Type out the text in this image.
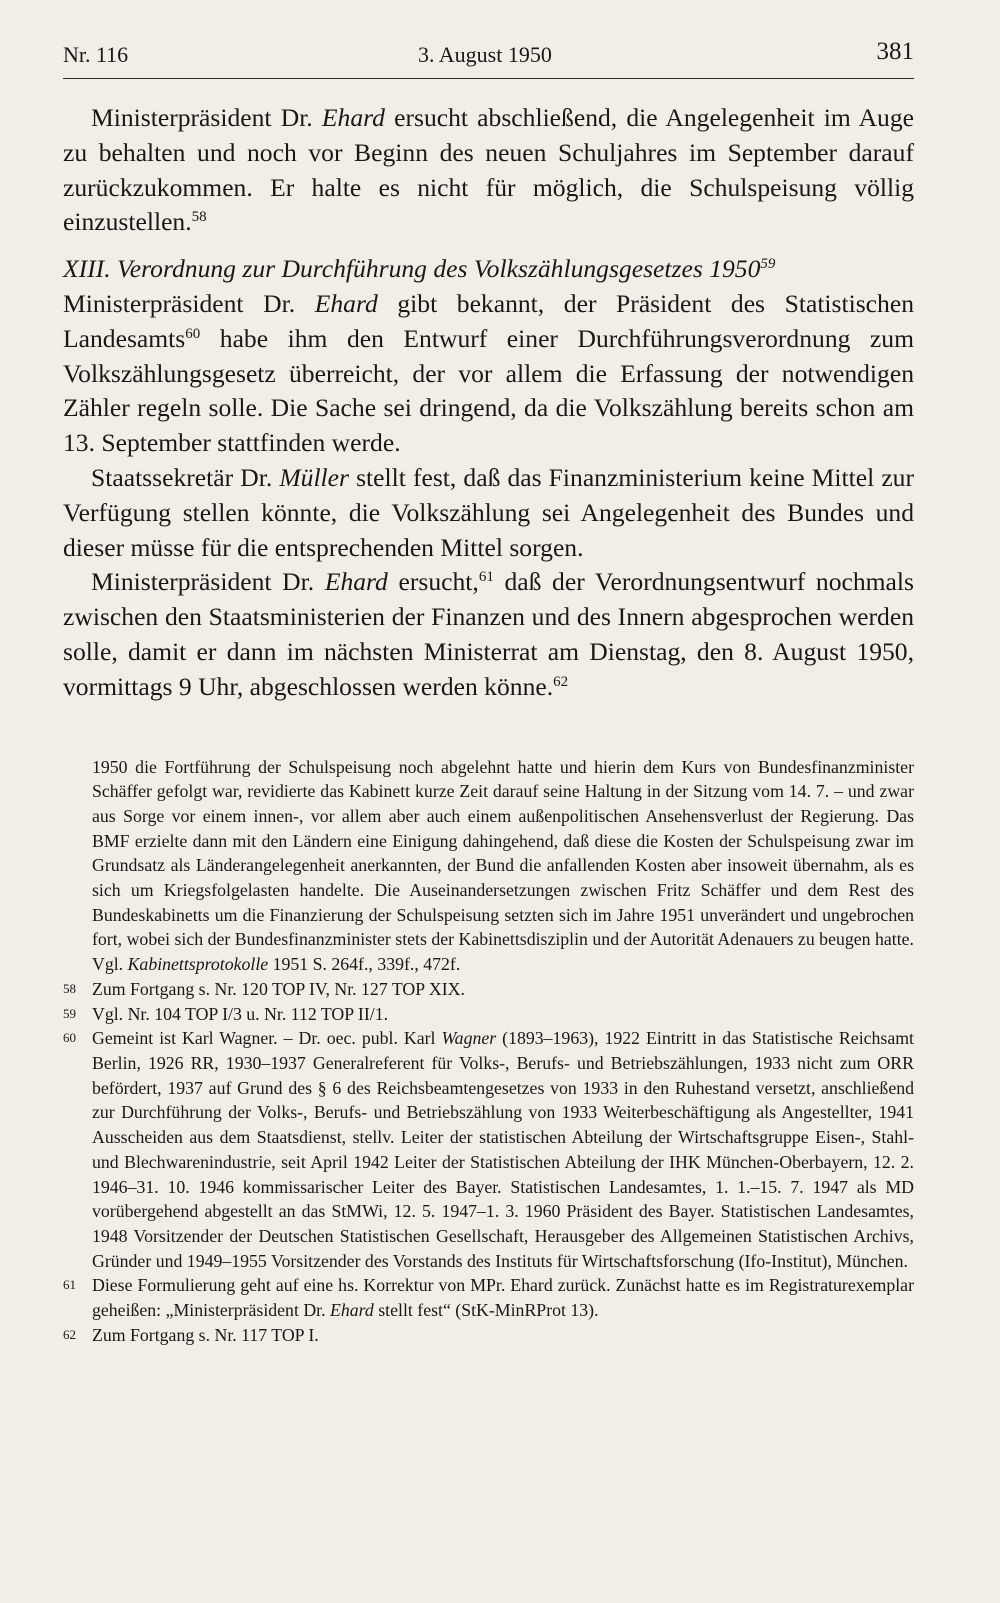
Nr. 116	3. August 1950	381

Ministerpräsident Dr. Ehard ersucht abschließend, die Angelegenheit im Auge zu behalten und noch vor Beginn des neuen Schuljahres im September darauf zurückzukommen. Er halte es nicht für möglich, die Schulspeisung völlig einzustellen.$^{58}$

XIII. Verordnung zur Durchführung des Volkszählungsgesetzes 1950$^{59}$

Ministerpräsident Dr. Ehard gibt bekannt, der Präsident des Statistischen Landesamts$^{60}$ habe ihm den Entwurf einer Durchführungsverordnung zum Volkszählungsgesetz überreicht, der vor allem die Erfassung der notwendigen Zähler regeln solle. Die Sache sei dringend, da die Volkszählung bereits schon am 13. September stattfinden werde.

Staatssekretär Dr. Müller stellt fest, daß das Finanzministerium keine Mittel zur Verfügung stellen könnte, die Volkszählung sei Angelegenheit des Bundes und dieser müsse für die entsprechenden Mittel sorgen.

Ministerpräsident Dr. Ehard ersucht,$^{61}$ daß der Verordnungsentwurf nochmals zwischen den Staatsministerien der Finanzen und des Innern abgesprochen werden solle, damit er dann im nächsten Ministerrat am Dienstag, den 8. August 1950, vormittags 9 Uhr, abgeschlossen werden könne.$^{62}$

1950 die Fortführung der Schulspeisung noch abgelehnt hatte und hierin dem Kurs von Bundesfinanzminister Schäffer gefolgt war, revidierte das Kabinett kurze Zeit darauf seine Haltung in der Sitzung vom 14. 7. – und zwar aus Sorge vor einem innen-, vor allem aber auch einem außenpolitischen Ansehensverlust der Regierung. Das BMF erzielte dann mit den Ländern eine Einigung dahingehend, daß diese die Kosten der Schulspeisung zwar im Grundsatz als Länderangelegenheit anerkannten, der Bund die anfallenden Kosten aber insoweit übernahm, als es sich um Kriegsfolgelasten handelte. Die Auseinandersetzungen zwischen Fritz Schäffer und dem Rest des Bundeskabinetts um die Finanzierung der Schulspeisung setzten sich im Jahre 1951 unverändert und ungebrochen fort, wobei sich der Bundesfinanzminister stets der Kabinettsdisziplin und der Autorität Adenauers zu beugen hatte. Vgl. Kabinettsprotokolle 1951 S. 264f., 339f., 472f.
58 Zum Fortgang s. Nr. 120 TOP IV, Nr. 127 TOP XIX.
59 Vgl. Nr. 104 TOP I/3 u. Nr. 112 TOP II/1.
60 Gemeint ist Karl Wagner. – Dr. oec. publ. Karl Wagner (1893–1963), 1922 Eintritt in das Statistische Reichsamt Berlin, 1926 RR, 1930–1937 Generalreferent für Volks-, Berufs- und Betriebszählungen, 1933 nicht zum ORR befördert, 1937 auf Grund des § 6 des Reichsbeamtengesetzes von 1933 in den Ruhestand versetzt, anschließend zur Durchführung der Volks-, Berufs- und Betriebszählung von 1933 Weiterbeschäftigung als Angestellter, 1941 Ausscheiden aus dem Staatsdienst, stellv. Leiter der statistischen Abteilung der Wirtschaftsgruppe Eisen-, Stahl- und Blechwarenindustrie, seit April 1942 Leiter der Statistischen Abteilung der IHK München-Oberbayern, 12. 2. 1946–31. 10. 1946 kommissarischer Leiter des Bayer. Statistischen Landesamtes, 1. 1.–15. 7. 1947 als MD vorübergehend abgestellt an das StMWi, 12. 5. 1947–1. 3. 1960 Präsident des Bayer. Statistischen Landesamtes, 1948 Vorsitzender der Deutschen Statistischen Gesellschaft, Herausgeber des Allgemeinen Statistischen Archivs, Gründer und 1949–1955 Vorsitzender des Vorstands des Instituts für Wirtschaftsforschung (Ifo-Institut), München.
61 Diese Formulierung geht auf eine hs. Korrektur von MPr. Ehard zurück. Zunächst hatte es im Registraturexemplar geheißen: „Ministerpräsident Dr. Ehard stellt fest“ (StK-MinRProt 13).
62 Zum Fortgang s. Nr. 117 TOP I.
